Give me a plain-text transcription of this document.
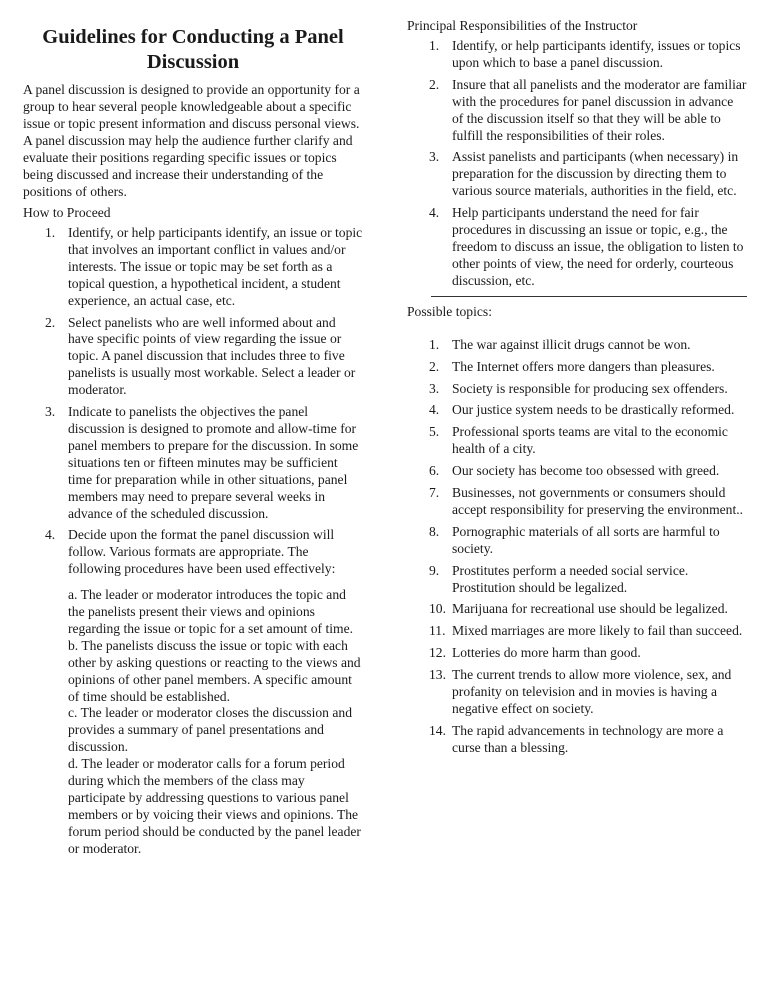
Guidelines for Conducting a Panel Discussion

A panel discussion is designed to provide an opportunity for a group to hear several people knowledgeable about a specific issue or topic present information and discuss personal views. A panel discussion may help the audience further clarify and evaluate their positions regarding specific issues or topics being discussed and increase their understanding of the positions of others.

How to Proceed

1. Identify, or help participants identify, an issue or topic that involves an important conflict in values and/or interests. The issue or topic may be set forth as a topical question, a hypothetical incident, a student experience, an actual case, etc.
2. Select panelists who are well informed about and have specific points of view regarding the issue or topic. A panel discussion that includes three to five panelists is usually most workable. Select a leader or moderator.
3. Indicate to panelists the objectives the panel discussion is designed to promote and allow-time for panel members to prepare for the discussion. In some situations ten or fifteen minutes may be sufficient time for preparation while in other situations, panel members may need to prepare several weeks in advance of the scheduled discussion.
4. Decide upon the format the panel discussion will follow. Various formats are appropriate. The following procedures have been used effectively:
a. The leader or moderator introduces the topic and the panelists present their views and opinions regarding the issue or topic for a set amount of time.
b. The panelists discuss the issue or topic with each other by asking questions or reacting to the views and opinions of other panel members. A specific amount of time should be established.
c. The leader or moderator closes the discussion and provides a summary of panel presentations and discussion.
d. The leader or moderator calls for a forum period during which the members of the class may participate by addressing questions to various panel members or by voicing their views and opinions. The forum period should be conducted by the panel leader or moderator.

Principal Responsibilities of the Instructor

1. Identify, or help participants identify, issues or topics upon which to base a panel discussion.
2. Insure that all panelists and the moderator are familiar with the procedures for panel discussion in advance of the discussion itself so that they will be able to fulfill the responsibilities of their roles.
3. Assist panelists and participants (when necessary) in preparation for the discussion by directing them to various source materials, authorities in the field, etc.
4. Help participants understand the need for fair procedures in discussing an issue or topic, e.g., the freedom to discuss an issue, the obligation to listen to other points of view, the need for orderly, courteous discussion, etc.

Possible topics:

1. The war against illicit drugs cannot be won.
2. The Internet offers more dangers than pleasures.
3. Society is responsible for producing sex offenders.
4. Our justice system needs to be drastically reformed.
5. Professional sports teams are vital to the economic health of a city.
6. Our society has become too obsessed with greed.
7. Businesses, not governments or consumers should accept responsibility for preserving the environment..
8. Pornographic materials of all sorts are harmful to society.
9. Prostitutes perform a needed social service. Prostitution should be legalized.
10. Marijuana for recreational use should be legalized.
11. Mixed marriages are more likely to fail than succeed.
12. Lotteries do more harm than good.
13. The current trends to allow more violence, sex, and profanity on television and in movies is having a negative effect on society.
14. The rapid advancements in technology are more a curse than a blessing.
